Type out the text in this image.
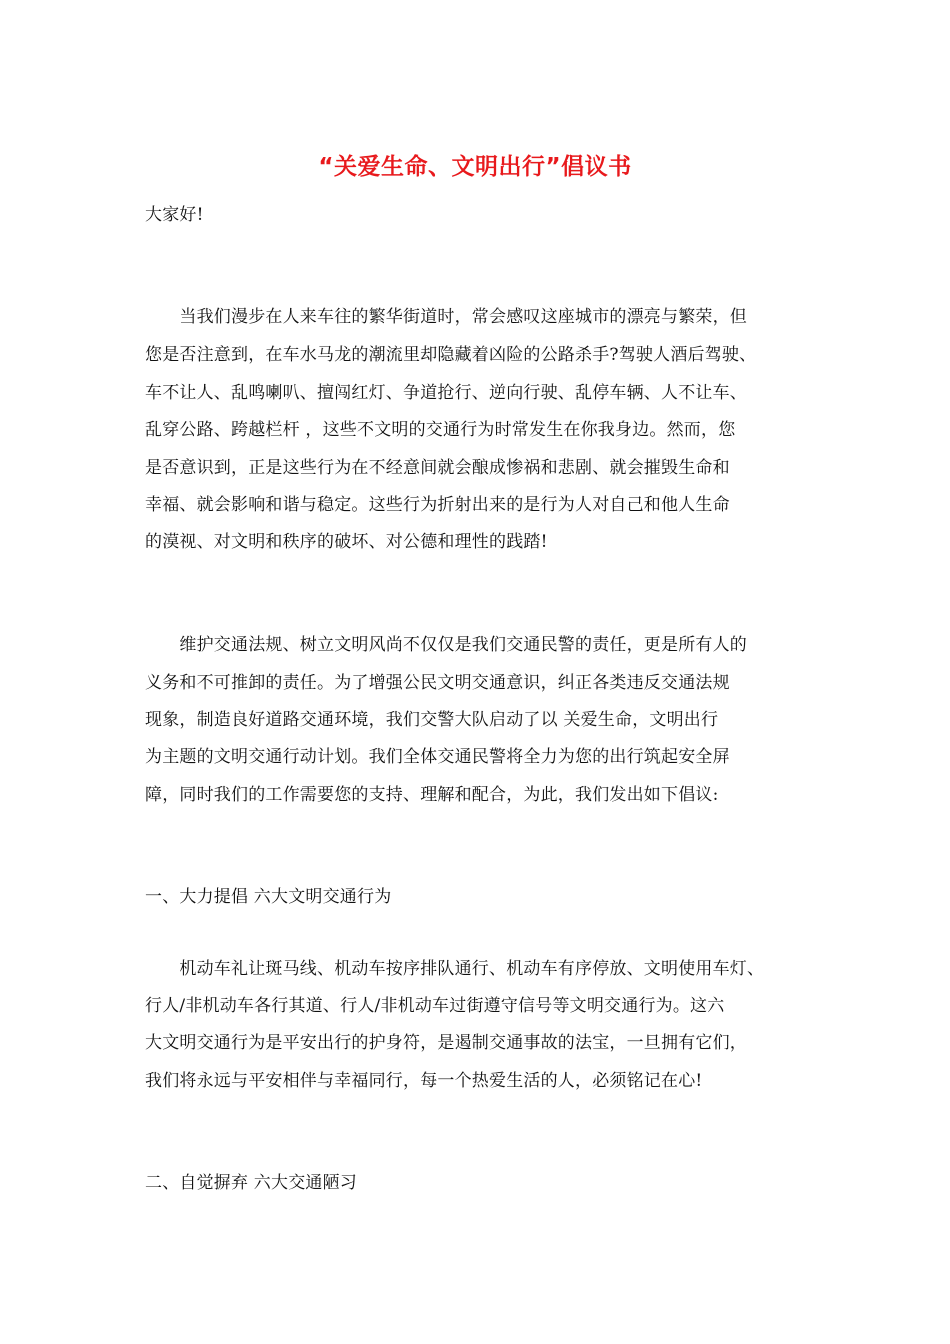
“关爱生命、文明出行”倡议书
大家好!
　　当我们漫步在人来车往的繁华街道时，常会感叹这座城市的漂亮与繁荣，但
您是否注意到，在车水马龙的潮流里却隐藏着凶险的公路杀手?驾驶人酒后驾驶、
车不让人、乱鸣喇叭、擅闯红灯、争道抢行、逆向行驶、乱停车辆、人不让车、
乱穿公路、跨越栏杆 ，这些不文明的交通行为时常发生在你我身边。然而，您
是否意识到，正是这些行为在不经意间就会酿成惨祸和悲剧、就会摧毁生命和
幸福、就会影响和谐与稳定。这些行为折射出来的是行为人对自己和他人生命
的漠视、对文明和秩序的破坏、对公德和理性的践踏!
　　维护交通法规、树立文明风尚不仅仅是我们交通民警的责任，更是所有人的
义务和不可推卸的责任。为了增强公民文明交通意识，纠正各类违反交通法规
现象，制造良好道路交通环境，我们交警大队启动了以 关爱生命，文明出行
为主题的文明交通行动计划。我们全体交通民警将全力为您的出行筑起安全屏
障，同时我们的工作需要您的支持、理解和配合，为此，我们发出如下倡议:
一、大力提倡 六大文明交通行为
　　机动车礼让斑马线、机动车按序排队通行、机动车有序停放、文明使用车灯、
行人/非机动车各行其道、行人/非机动车过街遵守信号等文明交通行为。这六
大文明交通行为是平安出行的护身符，是遏制交通事故的法宝，一旦拥有它们，
我们将永远与平安相伴与幸福同行，每一个热爱生活的人，必须铭记在心!
二、自觉摒弃 六大交通陋习
